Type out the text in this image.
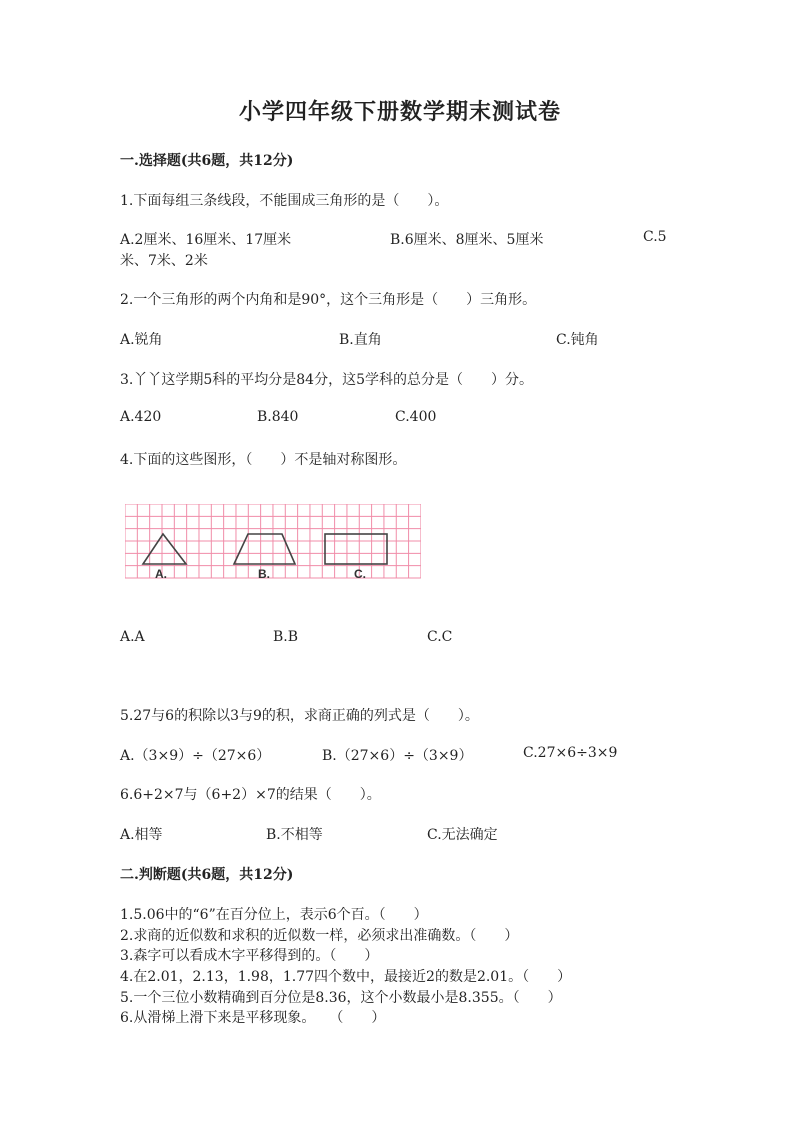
小学四年级下册数学期末测试卷
一.选择题(共6题，共12分)
1.下面每组三条线段，不能围成三角形的是（　　）。
A.2厘米、16厘米、17厘米	B.6厘米、8厘米、5厘米	C.5
米、7米、2米
2.一个三角形的两个内角和是90°，这个三角形是（　　）三角形。
A.锐角	B.直角	C.钝角
3.丫丫这学期5科的平均分是84分，这5学科的总分是（　　）分。
A.420	B.840	C.400
4.下面的这些图形，（　　）不是轴对称图形。
A.	B.	C.
A.A	B.B	C.C
5.27与6的积除以3与9的积，求商正确的列式是（　　）。
A.（3×9）÷（27×6）	B.（27×6）÷（3×9）	C.27×6÷3×9
6.6+2×7与（6+2）×7的结果（　　）。
A.相等	B.不相等	C.无法确定
二.判断题(共6题，共12分)
1.5.06中的“6”在百分位上，表示6个百。（　　）
2.求商的近似数和求积的近似数一样，必须求出准确数。（　　）
3.森字可以看成木字平移得到的。（　　）
4.在2.01，2.13，1.98，1.77四个数中，最接近2的数是2.01。（　　）
5.一个三位小数精确到百分位是8.36，这个小数最小是8.355。（　　）
6.从滑梯上滑下来是平移现象。　　（　　）
